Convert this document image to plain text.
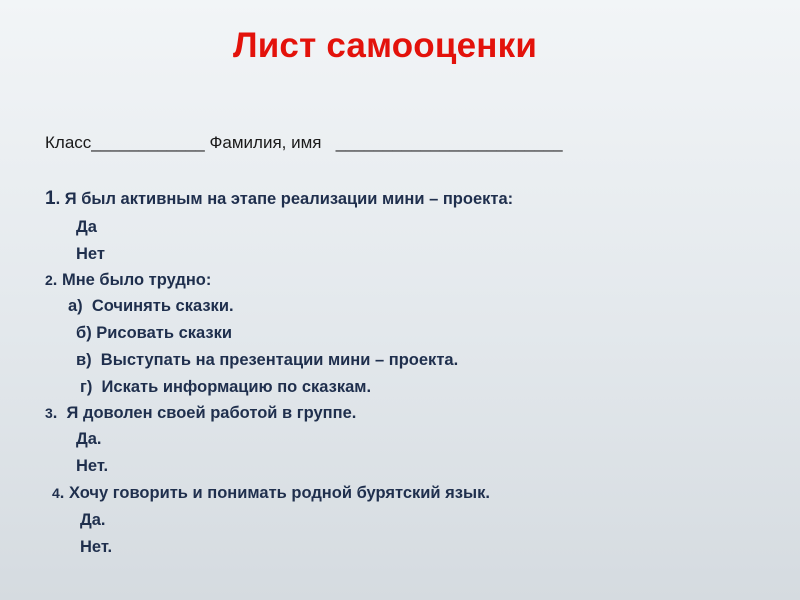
Лист самооценки
Класс____________ Фамилия, имя ________________________
1. Я был активным на этапе реализации мини – проекта:
Да
Нет
2. Мне было трудно:
а)  Сочинять сказки.
б) Рисовать сказки
в)  Выступать на презентации мини – проекта.
г)  Искать информацию по сказкам.
3.  Я доволен своей работой в группе.
Да.
Нет.
4. Хочу говорить и понимать родной бурятский язык.
Да.
Нет.
